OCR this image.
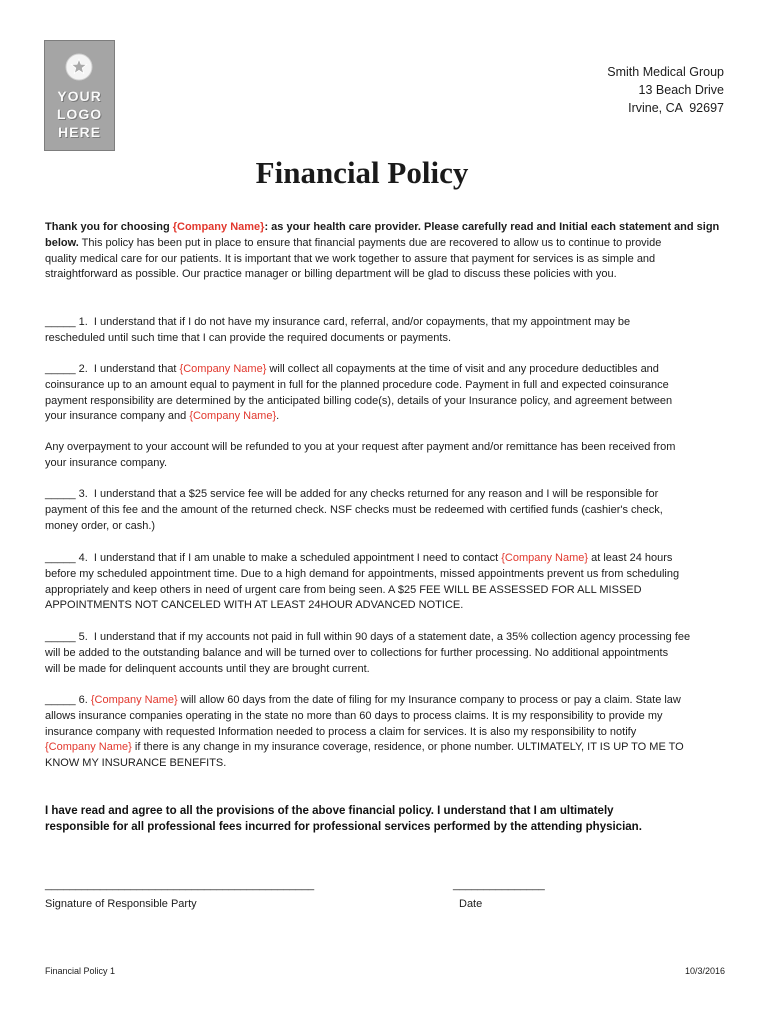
YOUR
LOGO
HERE
Smith Medical Group
13 Beach Drive
Irvine, CA  92697
Financial Policy
Thank you for choosing {Company Name}: as your health care provider. Please carefully read and Initial each statement and sign
below. This policy has been put in place to ensure that financial payments due are recovered to allow us to continue to provide
quality medical care for our patients. It is important that we work together to assure that payment for services is as simple and
straightforward as possible. Our practice manager or billing department will be glad to discuss these policies with you.
_____ 1.  I understand that if I do not have my insurance card, referral, and/or copayments, that my appointment may be
rescheduled until such time that I can provide the required documents or payments.
_____ 2.  I understand that {Company Name} will collect all copayments at the time of visit and any procedure deductibles and
coinsurance up to an amount equal to payment in full for the planned procedure code. Payment in full and expected coinsurance
payment responsibility are determined by the anticipated billing code(s), details of your Insurance policy, and agreement between
your insurance company and {Company Name}.
Any overpayment to your account will be refunded to you at your request after payment and/or remittance has been received from
your insurance company.
_____ 3.  I understand that a $25 service fee will be added for any checks returned for any reason and I will be responsible for
payment of this fee and the amount of the returned check. NSF checks must be redeemed with certified funds (cashier's check,
money order, or cash.)
_____ 4.  I understand that if I am unable to make a scheduled appointment I need to contact {Company Name} at least 24 hours
before my scheduled appointment time. Due to a high demand for appointments, missed appointments prevent us from scheduling
appropriately and keep others in need of urgent care from being seen. A $25 FEE WILL BE ASSESSED FOR ALL MISSED
APPOINTMENTS NOT CANCELED WITH AT LEAST 24HOUR ADVANCED NOTICE.
_____ 5.  I understand that if my accounts not paid in full within 90 days of a statement date, a 35% collection agency processing fee
will be added to the outstanding balance and will be turned over to collections for further processing. No additional appointments
will be made for delinquent accounts until they are brought current.
_____ 6. {Company Name} will allow 60 days from the date of filing for my Insurance company to process or pay a claim. State law
allows insurance companies operating in the state no more than 60 days to process claims. It is my responsibility to provide my
insurance company with requested Information needed to process a claim for services. It is also my responsibility to notify
{Company Name} if there is any change in my insurance coverage, residence, or phone number. ULTIMATELY, IT IS UP TO ME TO
KNOW MY INSURANCE BENEFITS.
I have read and agree to all the provisions of the above financial policy. I understand that I am ultimately
responsible for all professional fees incurred for professional services performed by the attending physician.
____________________________________________
Signature of Responsible Party
_______________
Date
Financial Policy 1	10/3/2016
